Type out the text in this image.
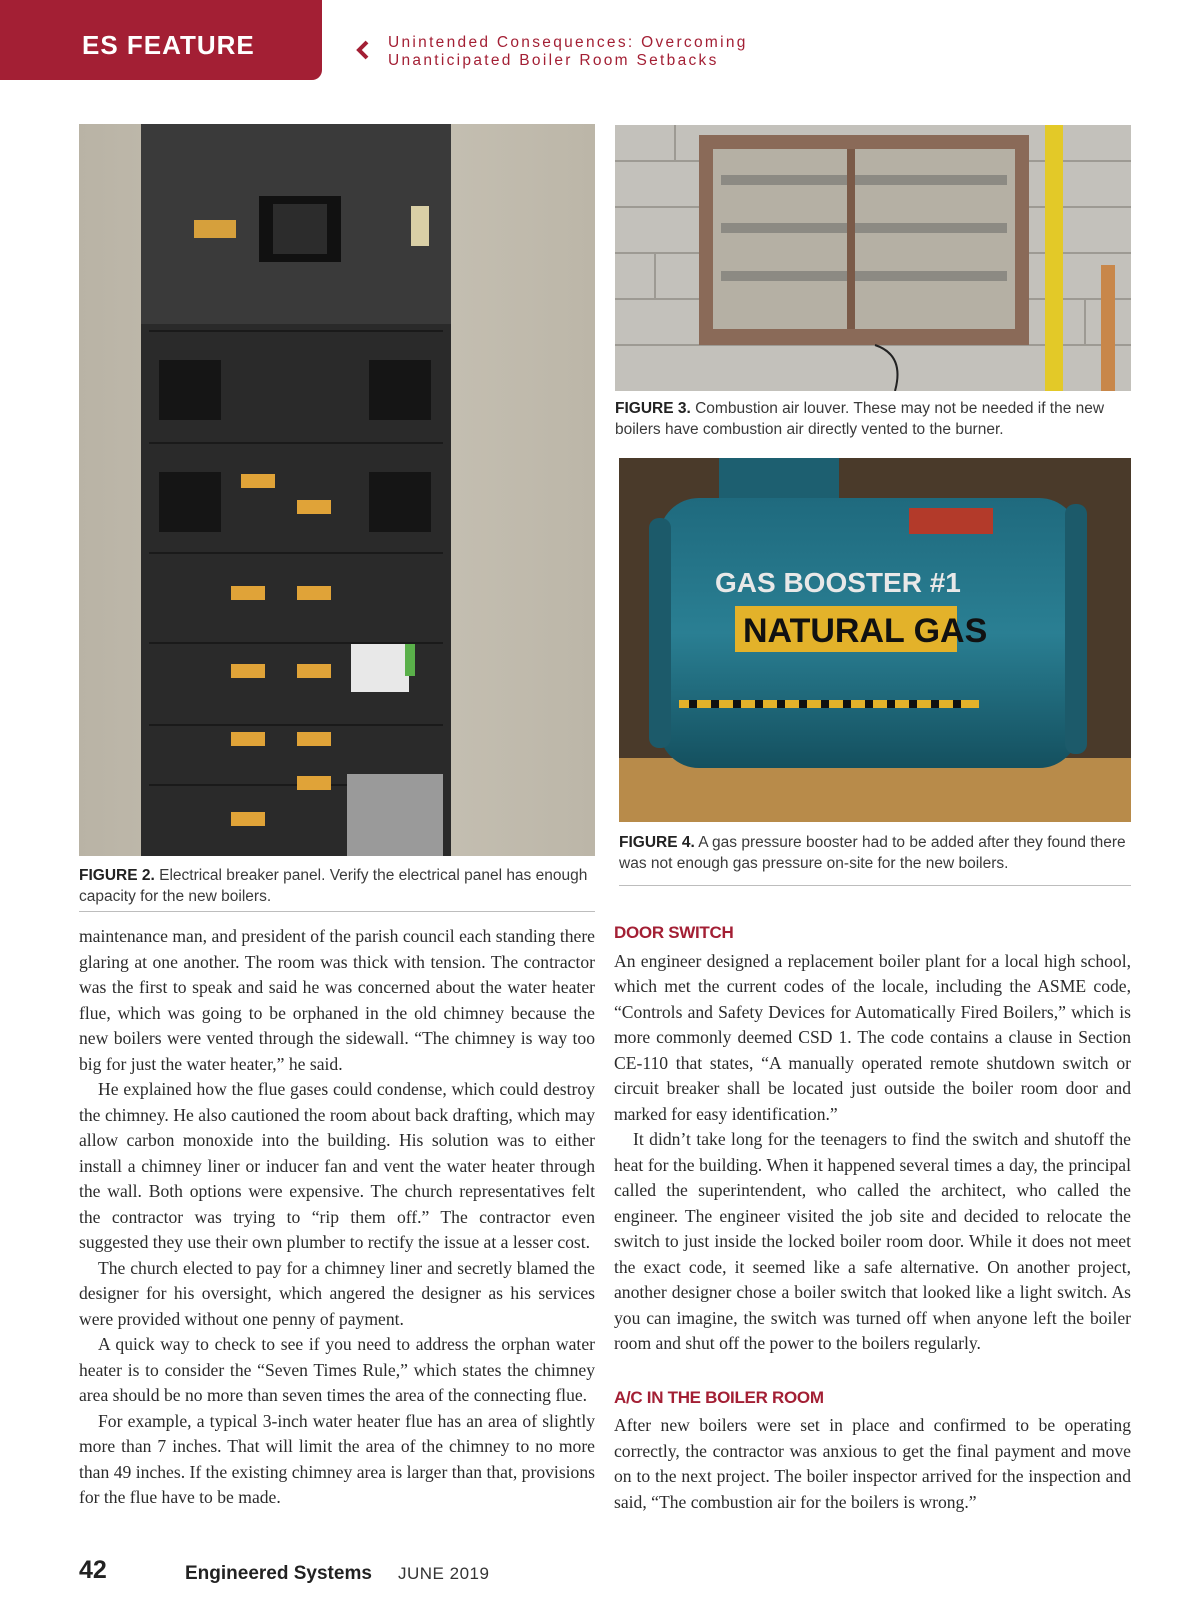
ES FEATURE	Unintended Consequences: Overcoming
Unanticipated Boiler Room Setbacks
FIGURE 2. Electrical breaker panel. Verify the electrical panel has enough capacity for the new boilers.
FIGURE 3. Combustion air louver. These may not be needed if the new boilers have combustion air directly vented to the burner.
GAS BOOSTER #1
NATURAL GAS
FIGURE 4. A gas pressure booster had to be added after they found there was not enough gas pressure on-site for the new boilers.

maintenance man, and president of the parish council each standing there glaring at one another. The room was thick with tension. The contractor was the first to speak and said he was concerned about the water heater flue, which was going to be orphaned in the old chimney because the new boilers were vented through the sidewall. “The chimney is way too big for just the water heater,” he said.

He explained how the flue gases could condense, which could destroy the chimney. He also cautioned the room about back drafting, which may allow carbon monoxide into the building. His solution was to either install a chimney liner or inducer fan and vent the water heater through the wall. Both options were expensive. The church representatives felt the contractor was trying to “rip them off.” The contractor even suggested they use their own plumber to rectify the issue at a lesser cost.

The church elected to pay for a chimney liner and secretly blamed the designer for his oversight, which angered the designer as his services were provided without one penny of payment.

A quick way to check to see if you need to address the orphan water heater is to consider the “Seven Times Rule,” which states the chimney area should be no more than seven times the area of the connecting flue.

For example, a typical 3-inch water heater flue has an area of slightly more than 7 inches. That will limit the area of the chimney to no more than 49 inches. If the existing chimney area is larger than that, provisions for the flue have to be made.

DOOR SWITCH

An engineer designed a replacement boiler plant for a local high school, which met the current codes of the locale, including the ASME code, “Controls and Safety Devices for Automatically Fired Boilers,” which is more commonly deemed CSD 1. The code contains a clause in Section CE-110 that states, “A manually operated remote shutdown switch or circuit breaker shall be located just outside the boiler room door and marked for easy identification.”

It didn’t take long for the teenagers to find the switch and shutoff the heat for the building. When it happened several times a day, the principal called the superintendent, who called the architect, who called the engineer. The engineer visited the job site and decided to relocate the switch to just inside the locked boiler room door. While it does not meet the exact code, it seemed like a safe alternative. On another project, another designer chose a boiler switch that looked like a light switch. As you can imagine, the switch was turned off when anyone left the boiler room and shut off the power to the boilers regularly.

A/C IN THE BOILER ROOM

After new boilers were set in place and confirmed to be operating correctly, the contractor was anxious to get the final payment and move on to the next project. The boiler inspector arrived for the inspection and said, “The combustion air for the boilers is wrong.”

42	Engineered Systems JUNE 2019
